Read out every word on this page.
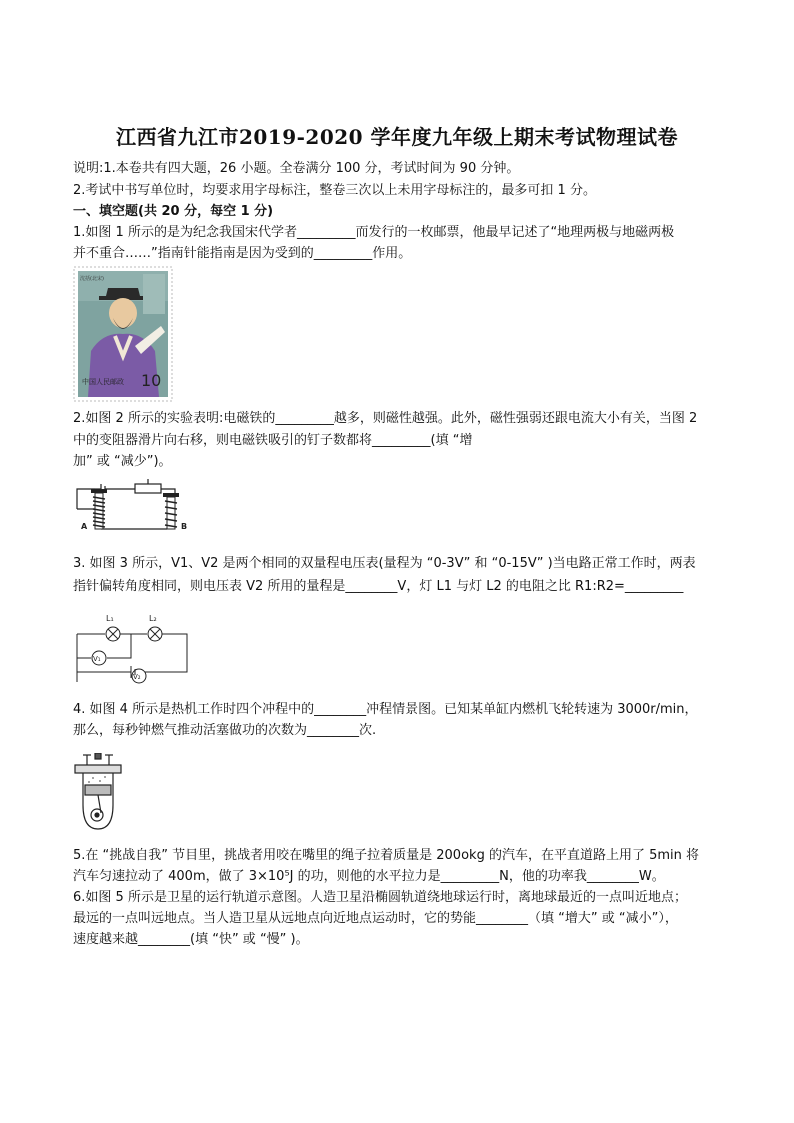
江西省九江市2019-2020 学年度九年级上期末考试物理试卷
说明:1.本卷共有四大题，26 小题。全卷满分 100 分，考试时间为 90 分钟。
2.考试中书写单位时，均要求用字母标注，整卷三次以上未用字母标注的，最多可扣 1 分。
一、填空题(共 20 分，每空 1 分)
1.如图 1 所示的是为纪念我国宋代学者_________而发行的一枚邮票，他最早记述了“地理两极与地磁两极
并不重合……”指南针能指南是因为受到的_________作用。
沈括(北宋)
中国人民邮政 10
2.如图 2 所示的实验表明:电磁铁的_________越多，则磁性越强。此外，磁性强弱还跟电流大小有关，当图 2
中的变阻器滑片向右移，则电磁铁吸引的钉子数都将_________(填 “增
加” 或 “减少”)。
A	B
3. 如图 3 所示，V1、V2 是两个相同的双量程电压表(量程为 “0-3V” 和 “0-15V” )当电路正常工作时，两表
指针偏转角度相同，则电压表 V2 所用的量程是________V，灯 L1 与灯 L2 的电阻之比 R1:R2=_________
L₁	L₂
V₁
V₂
4. 如图 4 所示是热机工作时四个冲程中的________冲程情景图。已知某单缸内燃机飞轮转速为 3000r/min，
那么，每秒钟燃气推动活塞做功的次数为________次.
5.在 “挑战自我” 节目里，挑战者用咬在嘴里的绳子拉着质量是 200okg 的汽车，在平直道路上用了 5min 将
汽车匀速拉动了 400m，做了 3×10⁵J 的功，则他的水平拉力是_________N，他的功率我________W。
6.如图 5 所示是卫星的运行轨道示意图。人造卫星沿椭圆轨道绕地球运行时，离地球最近的一点叫近地点；
最远的一点叫远地点。当人造卫星从远地点向近地点运动时，它的势能________（填 “增大” 或 “减小”），
速度越来越________(填 “快” 或 “慢” )。
